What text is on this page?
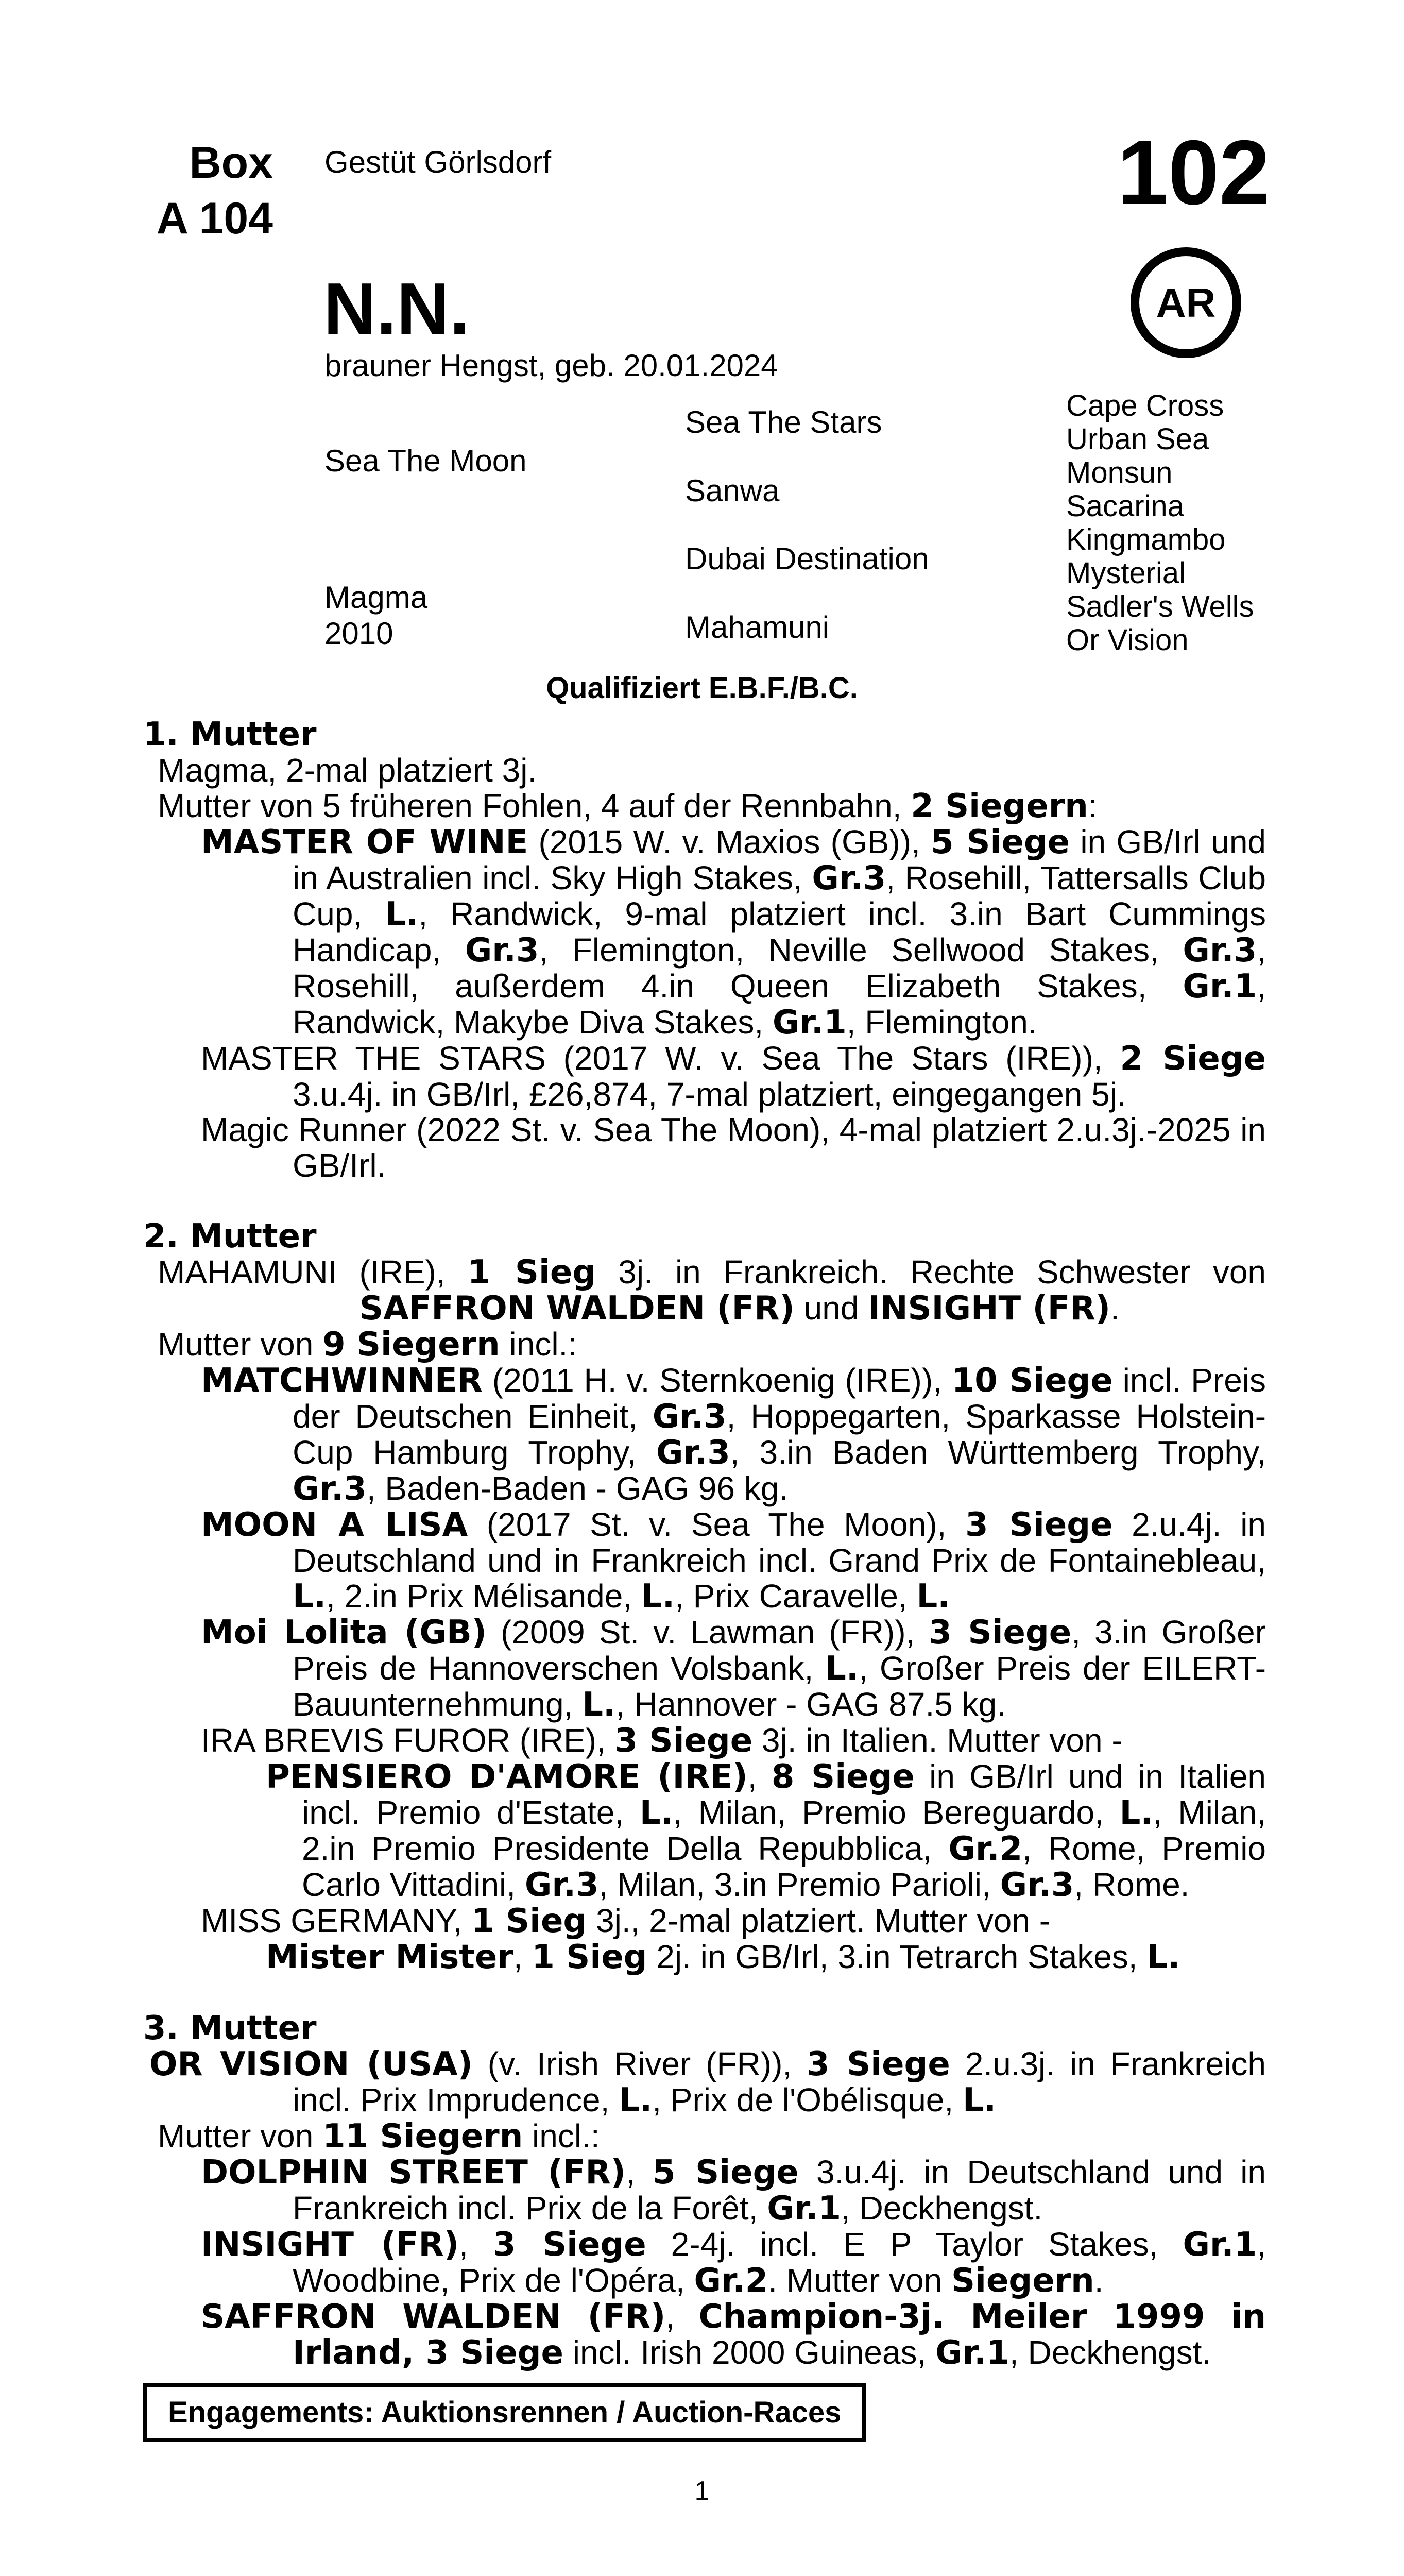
Box
A 104
Gestüt Görlsdorf	102
AR
N.N.
brauner Hengst, geb. 20.01.2024
Sea The Moon
Magma
2010
Sea The Stars
Sanwa
Dubai Destination
Mahamuni
Cape Cross
Urban Sea
Monsun
Sacarina
Kingmambo
Mysterial
Sadler's Wells
Or Vision
Qualifiziert E.B.F./B.C.
1. Mutter
Magma, 2-mal platziert 3j.
Mutter von 5 früheren Fohlen, 4 auf der Rennbahn, 2 Siegern:
MASTER OF WINE (2015 W. v. Maxios (GB)), 5 Siege in GB/Irl und in Australien incl. Sky High Stakes, Gr.3, Rosehill, Tattersalls Club Cup, L., Randwick, 9-mal platziert incl. 3.in Bart Cummings Handicap, Gr.3, Flemington, Neville Sellwood Stakes, Gr.3, Rosehill, außerdem 4.in Queen Elizabeth Stakes, Gr.1, Randwick, Makybe Diva Stakes, Gr.1, Flemington.
MASTER THE STARS (2017 W. v. Sea The Stars (IRE)), 2 Siege 3.u.4j. in GB/Irl, £26,874, 7-mal platziert, eingegangen 5j.
Magic Runner (2022 St. v. Sea The Moon), 4-mal platziert 2.u.3j.-2025 in GB/Irl.
2. Mutter
MAHAMUNI (IRE), 1 Sieg 3j. in Frankreich. Rechte Schwester von SAFFRON WALDEN (FR) und INSIGHT (FR).
Mutter von 9 Siegern incl.:
MATCHWINNER (2011 H. v. Sternkoenig (IRE)), 10 Siege incl. Preis der Deutschen Einheit, Gr.3, Hoppegarten, Sparkasse Holstein-Cup Hamburg Trophy, Gr.3, 3.in Baden Württemberg Trophy, Gr.3, Baden-Baden - GAG 96 kg.
MOON A LISA (2017 St. v. Sea The Moon), 3 Siege 2.u.4j. in Deutschland und in Frankreich incl. Grand Prix de Fontainebleau, L., 2.in Prix Mélisande, L., Prix Caravelle, L.
Moi Lolita (GB) (2009 St. v. Lawman (FR)), 3 Siege, 3.in Großer Preis de Hannoverschen Volsbank, L., Großer Preis der EILERT-Bauunternehmung, L., Hannover - GAG 87.5 kg.
IRA BREVIS FUROR (IRE), 3 Siege 3j. in Italien. Mutter von -
PENSIERO D'AMORE (IRE), 8 Siege in GB/Irl und in Italien incl. Premio d'Estate, L., Milan, Premio Bereguardo, L., Milan, 2.in Premio Presidente Della Repubblica, Gr.2, Rome, Premio Carlo Vittadini, Gr.3, Milan, 3.in Premio Parioli, Gr.3, Rome.
MISS GERMANY, 1 Sieg 3j., 2-mal platziert. Mutter von -
Mister Mister, 1 Sieg 2j. in GB/Irl, 3.in Tetrarch Stakes, L.
3. Mutter
OR VISION (USA) (v. Irish River (FR)), 3 Siege 2.u.3j. in Frankreich incl. Prix Imprudence, L., Prix de l'Obélisque, L.
Mutter von 11 Siegern incl.:
DOLPHIN STREET (FR), 5 Siege 3.u.4j. in Deutschland und in Frankreich incl. Prix de la Forêt, Gr.1, Deckhengst.
INSIGHT (FR), 3 Siege 2-4j. incl. E P Taylor Stakes, Gr.1, Woodbine, Prix de l'Opéra, Gr.2. Mutter von Siegern.
SAFFRON WALDEN (FR), Champion-3j. Meiler 1999 in Irland, 3 Siege incl. Irish 2000 Guineas, Gr.1, Deckhengst.
Engagements: Auktionsrennen / Auction-Races
1
